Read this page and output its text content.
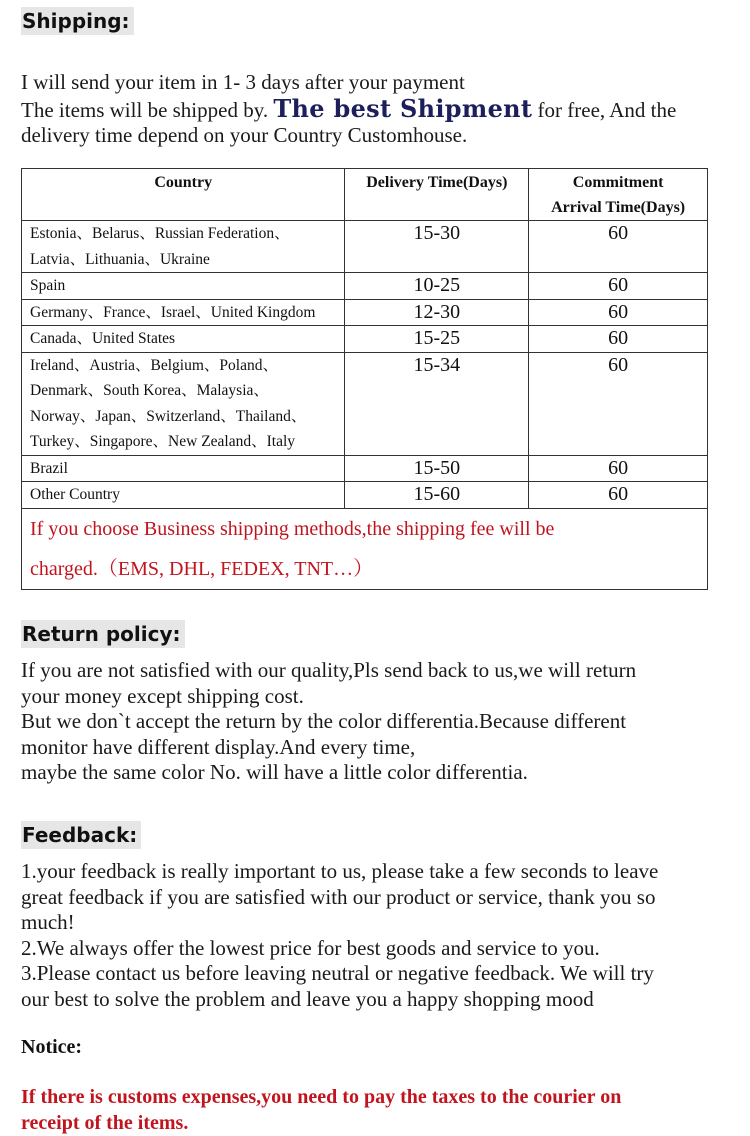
Shipping:
I will send your item in 1- 3 days after your payment
The items will be shipped by. The best Shipment for free, And the
delivery time depend on your Country Customhouse.
Country	Delivery Time(Days)	Commitment
Arrival Time(Days)

Estonia、Belarus、Russian Federation、
Latvia、Lithuania、Ukraine	15-30	60

Spain	10-25	60

Germany、France、Israel、United Kingdom	12-30	60

Canada、United States	15-25	60

Ireland、Austria、Belgium、Poland、
Denmark、South Korea、Malaysia、
Norway、Japan、Switzerland、Thailand、
Turkey、Singapore、New Zealand、Italy	15-34	60

Brazil	15-50	60

Other Country	15-60	60

If you choose Business shipping methods,the shipping fee will be
charged.（EMS, DHL, FEDEX, TNT…）		
Return policy:
If you are not satisfied with our quality,Pls send back to us,we will return
your money except shipping cost.
But we don`t accept the return by the color differentia.Because different
monitor have different display.And every time,
maybe the same color No. will have a little color differentia.
Feedback:
1.your feedback is really important to us, please take a few seconds to leave
great feedback if you are satisfied with our product or service, thank you so
much!
2.We always offer the lowest price for best goods and service to you.
3.Please contact us before leaving neutral or negative feedback. We will try
our best to solve the problem and leave you a happy shopping mood
Notice:
If there is customs expenses,you need to pay the taxes to the courier on
receipt of the items.
